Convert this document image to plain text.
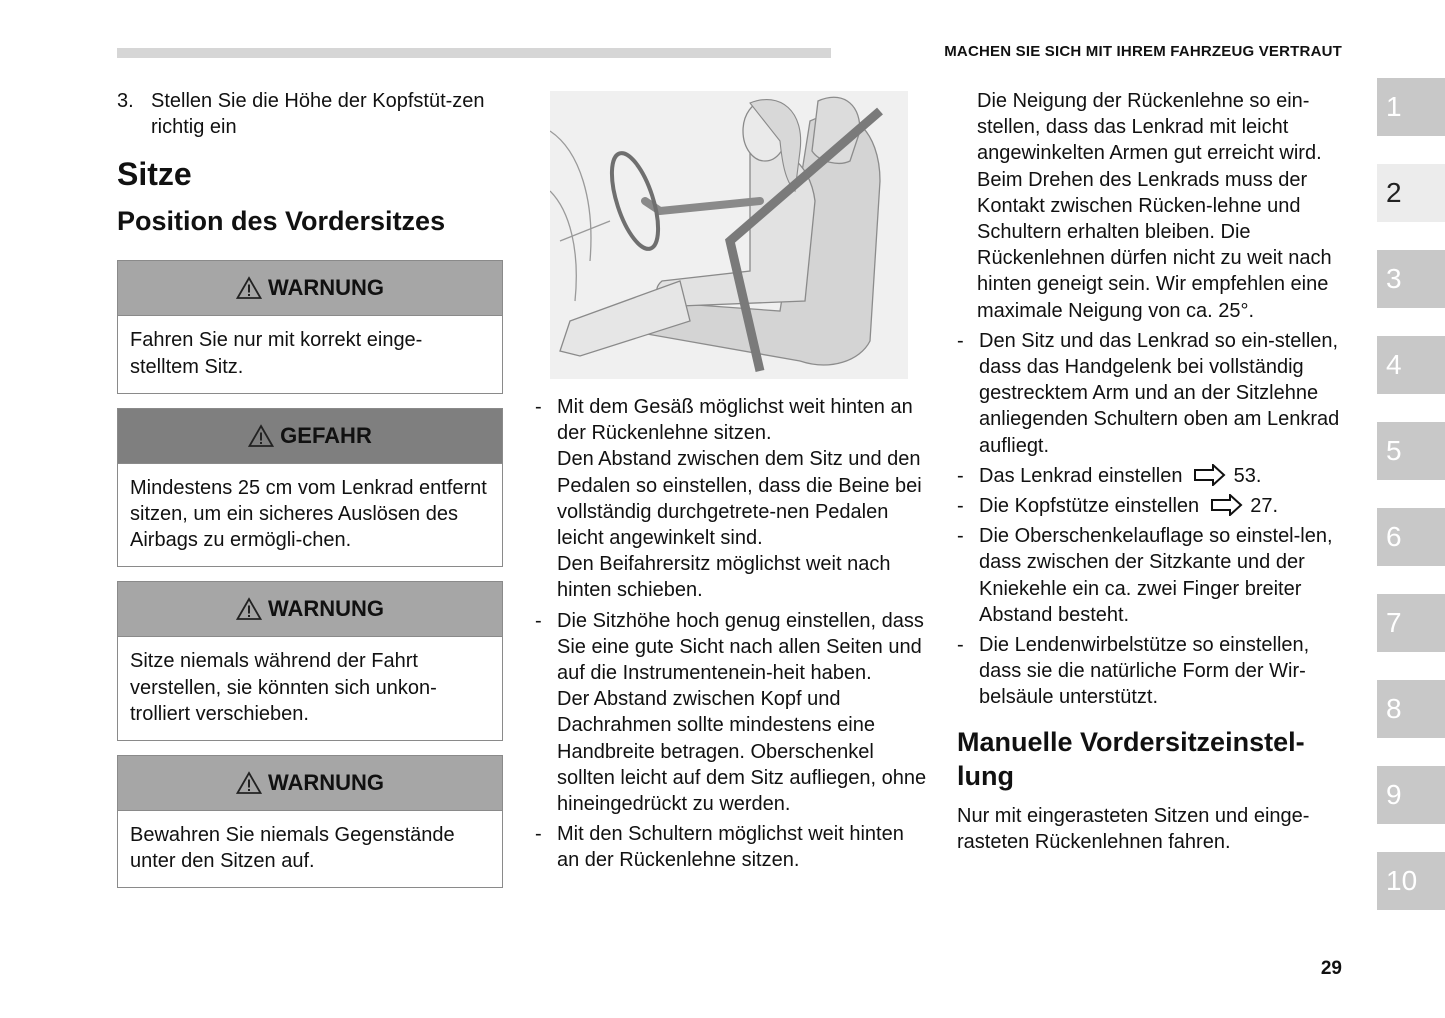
MACHEN SIE SICH MIT IHREM FAHRZEUG VERTRAUT
1
2
3
4
5
6
7
8
9
10
3. Stellen Sie die Höhe der Kopfstüt-zen richtig ein
Sitze
Position des Vordersitzes
WARNUNG
Fahren Sie nur mit korrekt einge-stelltem Sitz.
GEFAHR
Mindestens 25 cm vom Lenkrad entfernt sitzen, um ein sicheres Auslösen des Airbags zu ermögli-chen.
WARNUNG
Sitze niemals während der Fahrt verstellen, sie könnten sich unkon-trolliert verschieben.
WARNUNG
Bewahren Sie niemals Gegenstände unter den Sitzen auf.
- Mit dem Gesäß möglichst weit hinten an der Rückenlehne sitzen.

Den Abstand zwischen dem Sitz und den Pedalen so einstellen, dass die Beine bei vollständig durchgetrete-nen Pedalen leicht angewinkelt sind.

Den Beifahrersitz möglichst weit nach hinten schieben.

- Die Sitzhöhe hoch genug einstellen, dass Sie eine gute Sicht nach allen Seiten und auf die Instrumentenein-heit haben.

Der Abstand zwischen Kopf und Dachrahmen sollte mindestens eine Handbreite betragen. Oberschenkel sollten leicht auf dem Sitz aufliegen, ohne hineingedrückt zu werden.

- Mit den Schultern möglichst weit hinten an der Rückenlehne sitzen.

Die Neigung der Rückenlehne so ein-stellen, dass das Lenkrad mit leicht angewinkelten Armen gut erreicht wird. Beim Drehen des Lenkrads muss der Kontakt zwischen Rücken-lehne und Schultern erhalten bleiben. Die Rückenlehnen dürfen nicht zu weit nach hinten geneigt sein. Wir empfehlen eine maximale Neigung von ca. 25°.

- Den Sitz und das Lenkrad so ein-stellen, dass das Handgelenk bei vollständig gestrecktem Arm und an der Sitzlehne anliegenden Schultern oben am Lenkrad aufliegt.
- Das Lenkrad einstellen	53.
- Die Kopfstütze einstellen	27.
- Die Oberschenkelauflage so einstel-len, dass zwischen der Sitzkante und der Kniekehle ein ca. zwei Finger breiter Abstand besteht.
- Die Lendenwirbelstütze so einstellen, dass sie die natürliche Form der Wir-belsäule unterstützt.
Manuelle Vordersitzeinstel-lung

Nur mit eingerasteten Sitzen und einge-rasteten Rückenlehnen fahren.

29
